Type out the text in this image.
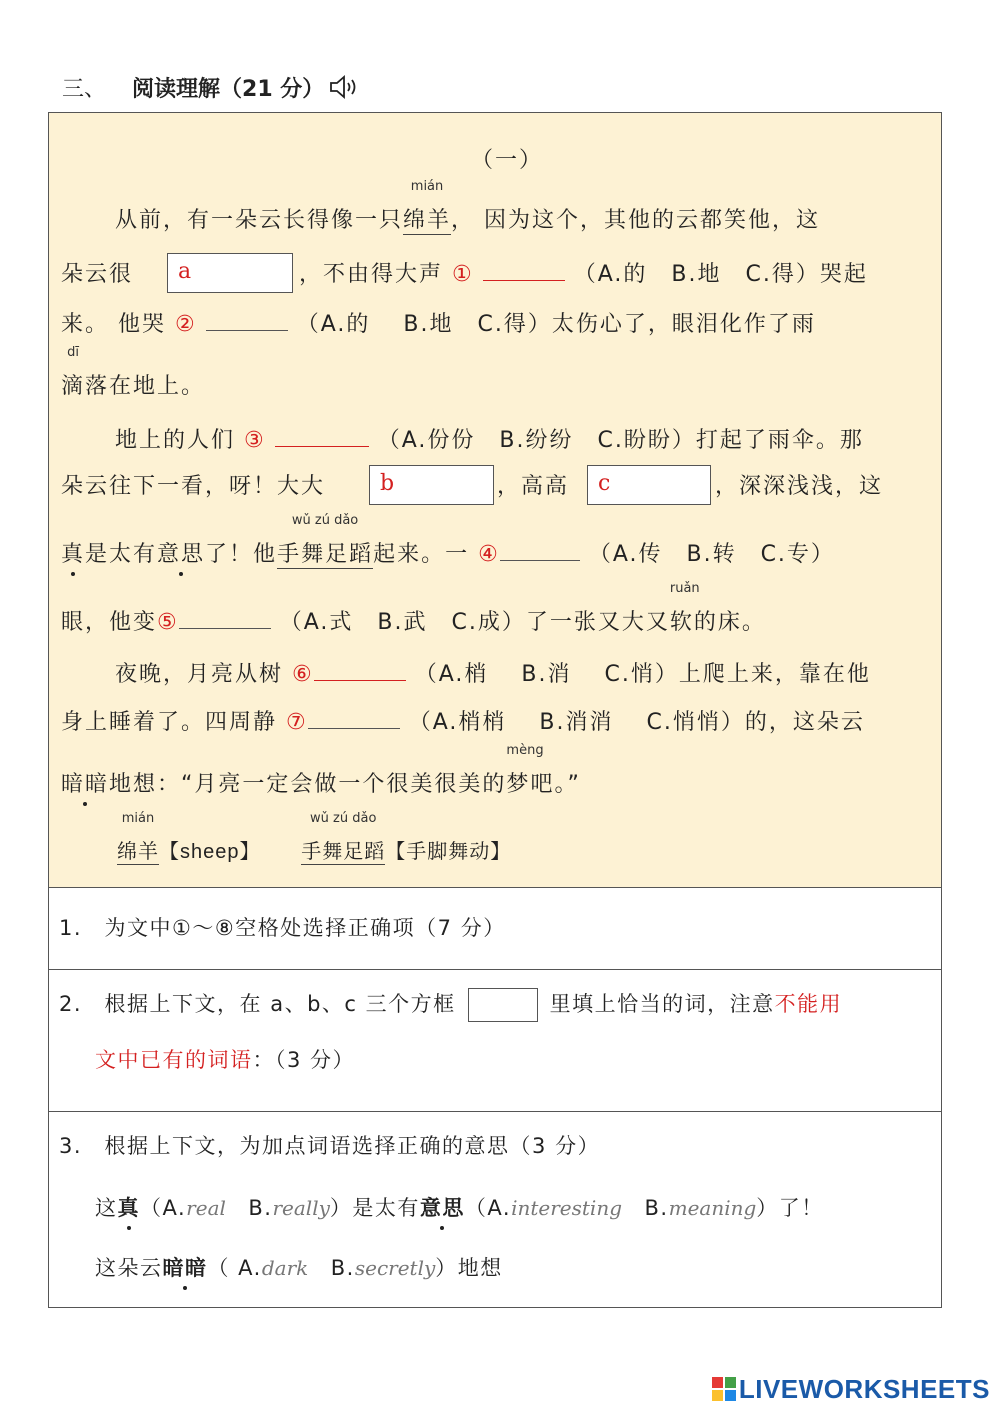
三、 阅读理解（21 分）
（一）
从前，有一朵云长得像一只
mián
绵羊， 因为这个，其他的云都笑他，这
朵云很	a	，不由得大声 ①	（A.的　B.地　C.得）哭起
来。 他哭 ②	（A.的　 B.地　C.得）太伤心了，眼泪化作了雨
dī
滴落在地上。
地上的人们 ③	（A.份份　B.纷纷　C.盼盼）打起了雨伞。那
朵云往下一看，呀！大大	b	，高高	c	，深深浅浅，这
真是太有意思了！他
wǔ zú dǎo
手舞足蹈起来。一 ④	（A.传　B.转　C.专）
眼，他变⑤	（A.式　B.武　C.成）了一张又大又
ruǎn
软的床。
夜晚，月亮从树 ⑥	（A.梢　 B.消　 C.悄）上爬上来，靠在他
身上睡着了。四周静 ⑦	（A.梢梢　 B.消消　 C.悄悄）的，这朵云
暗暗地想：“月亮一定会做一个很美很美的
mèng
梦吧。”
mián
绵羊【sheep】
wǔ zú dǎo
手舞足蹈【手脚舞动】
1.　为文中①～⑧空格处选择正确项（7 分）
2.　根据上下文，在 a、b、c 三个方框	里填上恰当的词，注意不能用
文中已有的词语：（3 分）
3.　根据上下文，为加点词语选择正确的意思（3 分）
这真（A.real　B.really）是太有意思（A.interesting　B.meaning）了！
这朵云暗暗（ A.dark　B.secretly）地想
LIVEWORKSHEETS
